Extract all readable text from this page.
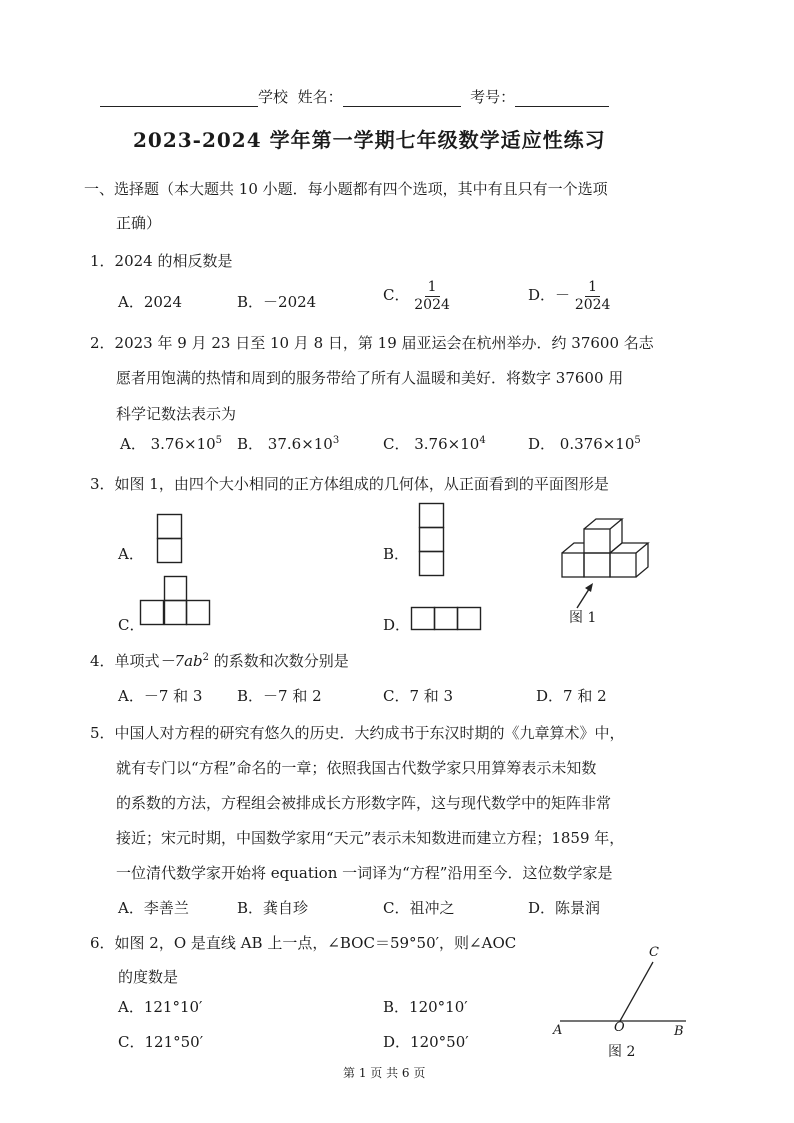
学校 姓名：	考号：
2023-2024 学年第一学期七年级数学适应性练习
一、选择题（本大题共 10 小题．每小题都有四个选项，其中有且只有一个选项
正确）
1．2024 的相反数是
A．2024	B．－2024	C． $\frac{1}{2024}$	D．－ $\frac{1}{2024}$
2．2023 年 9 月 23 日至 10 月 8 日，第 19 届亚运会在杭州举办．约 37600 名志
愿者用饱满的热情和周到的服务带给了所有人温暖和美好．将数字 37600 用
科学记数法表示为
A． $3.76\times 10^5$ B． $37.6\times 10^3$	C． $3.76\times 10^4$	D． $0.376\times 10^5$
3．如图 1，由四个大小相同的正方体组成的几何体，从正面看到的平面图形是
A．	B．
C．	D．	图 1
4．单项式$-7ab^2$ 的系数和次数分别是
A．－7 和 3 B．－7 和 2	C．7 和 3	D．7 和 2
5．中国人对方程的研究有悠久的历史．大约成书于东汉时期的《九章算术》中，
就有专门以“方程”命名的一章；依照我国古代数学家只用算筹表示未知数
的系数的方法，方程组会被排成长方形数字阵，这与现代数学中的矩阵非常
接近；宋元时期，中国数学家用“天元”表示未知数进而建立方程；1859 年，
一位清代数学家开始将 equation 一词译为“方程”沿用至今．这位数学家是
A．李善兰	B．龚自珍	C．祖冲之	D．陈景润
6．如图 2，O 是直线 AB 上一点，∠BOC＝59°50′，则∠AOC
的度数是
A．121°10′	B．120°10′
C．121°50′	D．120°50′
C
A	O	B
图 2
第 1 页 共 6 页
